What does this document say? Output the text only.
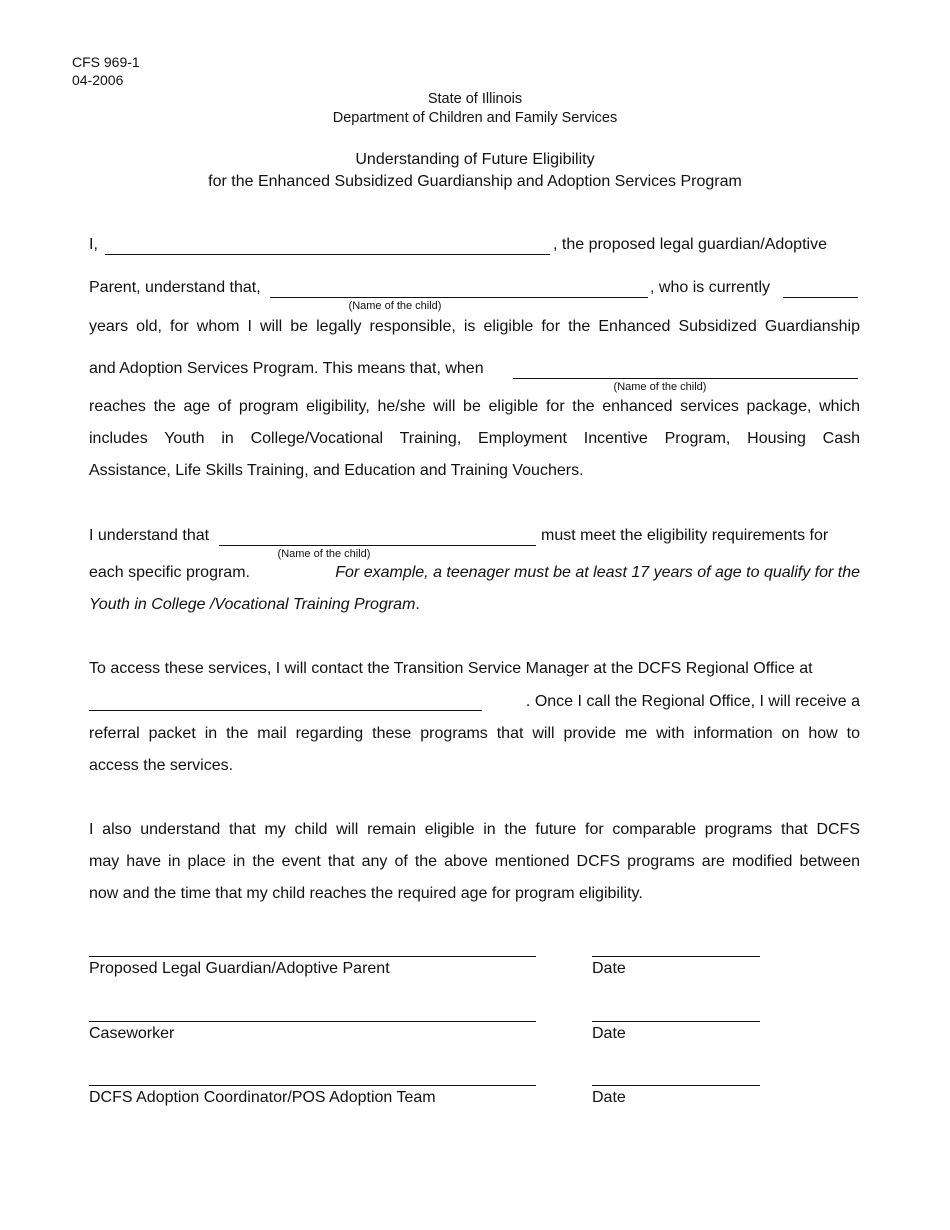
CFS 969-1
04-2006
State of Illinois
Department of Children and Family Services
Understanding of Future Eligibility
for the Enhanced Subsidized Guardianship and Adoption Services Program
I,	, the proposed legal guardian/Adoptive
Parent, understand that,
(Name of the child)
, who is currently
years old, for whom I will be legally responsible, is eligible for the Enhanced Subsidized Guardianship
and Adoption Services Program. This means that, when
(Name of the child)
reaches the age of program eligibility, he/she will be eligible for the enhanced services package, which
includes Youth in College/Vocational Training, Employment Incentive Program, Housing Cash
Assistance, Life Skills Training, and Education and Training Vouchers.
I understand that
(Name of the child)
must meet the eligibility requirements for
each specific program.	For example, a teenager must be at least 17 years of age to qualify for the
Youth in College /Vocational Training Program.
To access these services, I will contact the Transition Service Manager at the DCFS Regional Office at
. Once I call the Regional Office, I will receive a
referral packet in the mail regarding these programs that will provide me with information on how to
access the services.
I also understand that my child will remain eligible in the future for comparable programs that DCFS
may have in place in the event that any of the above mentioned DCFS programs are modified between
now and the time that my child reaches the required age for program eligibility.
Proposed Legal Guardian/Adoptive Parent	Date
Caseworker	Date
DCFS Adoption Coordinator/POS Adoption Team	Date
